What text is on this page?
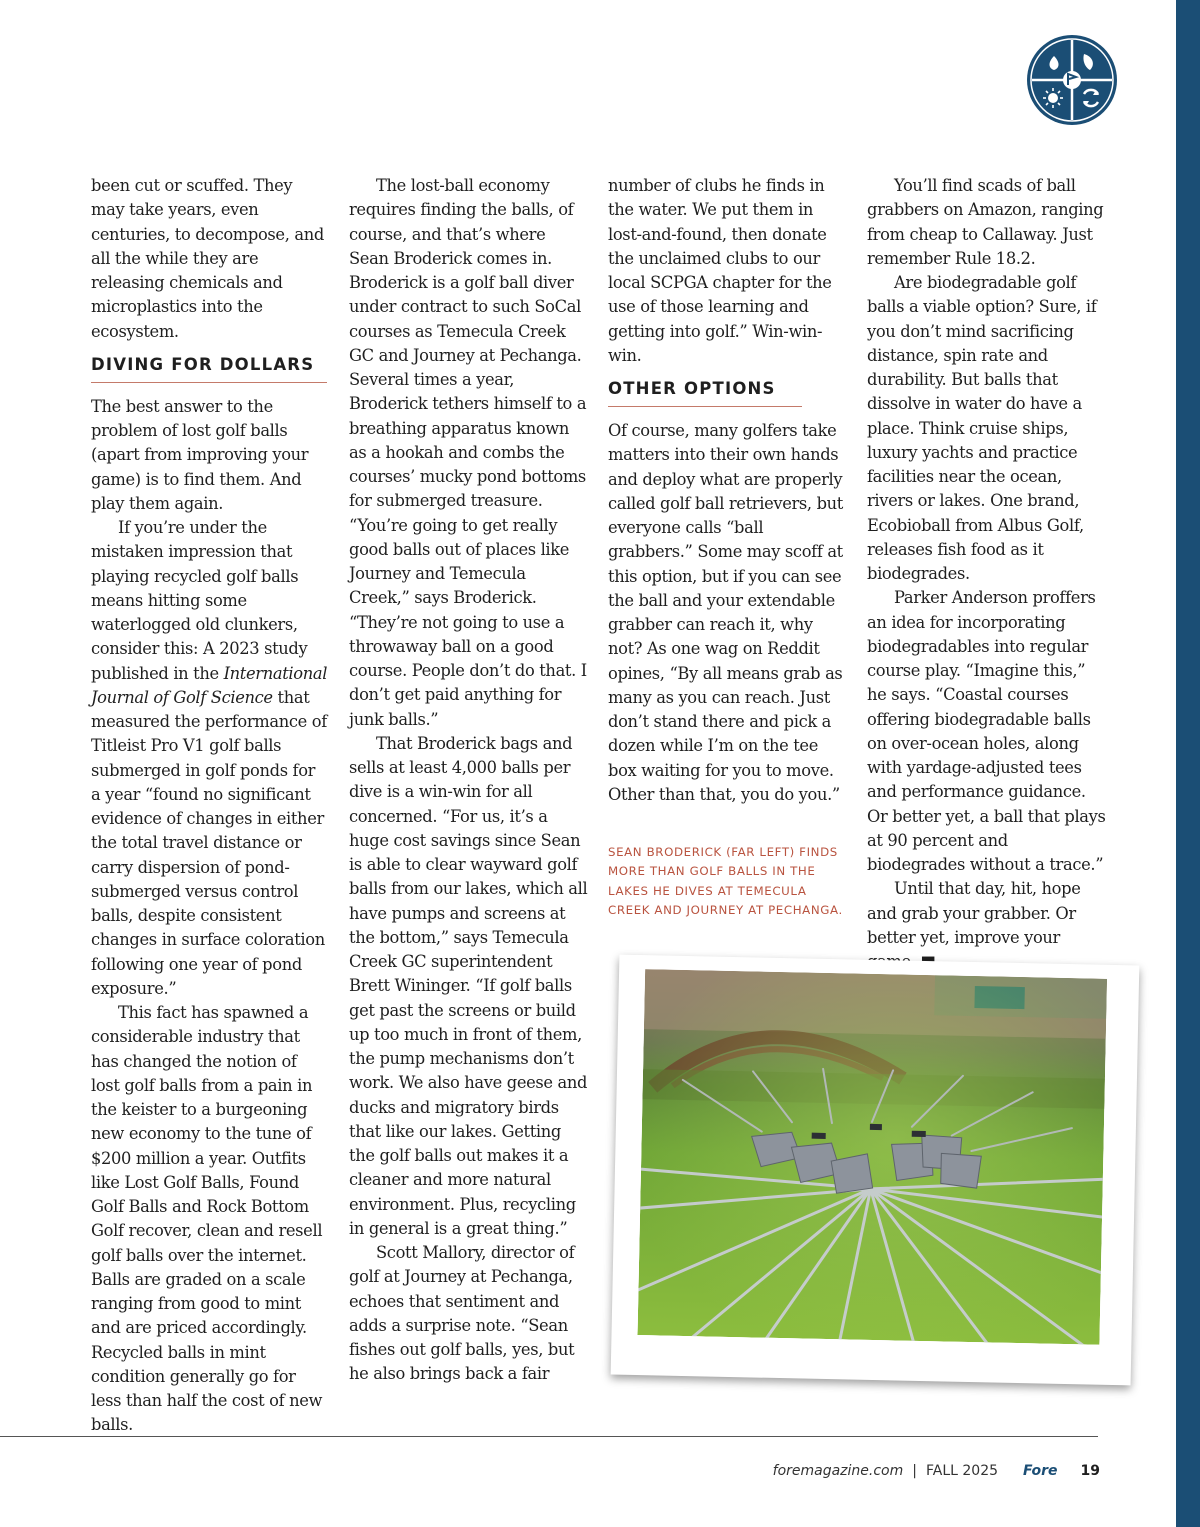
been cut or scuffed. They may take years, even centuries, to decompose, and all the while they are releasing chemicals and microplastics into the ecosystem.

DIVING FOR DOLLARS

The best answer to the problem of lost golf balls (apart from improving your game) is to find them. And play them again.

If you’re under the mistaken impression that playing recycled golf balls means hitting some waterlogged old clunkers, consider this: A 2023 study published in the International Journal of Golf Science that measured the performance of Titleist Pro V1 golf balls submerged in golf ponds for a year “found no significant evidence of changes in either the total travel distance or carry dispersion of pond-submerged versus control balls, despite consistent changes in surface coloration following one year of pond exposure.”

This fact has spawned a considerable industry that has changed the notion of lost golf balls from a pain in the keister to a burgeoning new economy to the tune of $200 million a year. Outfits like Lost Golf Balls, Found Golf Balls and Rock Bottom Golf recover, clean and resell golf balls over the internet. Balls are graded on a scale ranging from good to mint and are priced accordingly. Recycled balls in mint condition generally go for less than half the cost of new balls.

The lost-ball economy requires finding the balls, of course, and that’s where Sean Broderick comes in. Broderick is a golf ball diver under contract to such SoCal courses as Temecula Creek GC and Journey at Pechanga. Several times a year, Broderick tethers himself to a breathing apparatus known as a hookah and combs the courses’ mucky pond bottoms for submerged treasure. “You’re going to get really good balls out of places like Journey and Temecula Creek,” says Broderick. “They’re not going to use a throwaway ball on a good course. People don’t do that. I don’t get paid anything for junk balls.”

That Broderick bags and sells at least 4,000 balls per dive is a win-win for all concerned. “For us, it’s a huge cost savings since Sean is able to clear wayward golf balls from our lakes, which all have pumps and screens at the bottom,” says Temecula Creek GC superintendent Brett Wininger. “If golf balls get past the screens or build up too much in front of them, the pump mechanisms don’t work. We also have geese and ducks and migratory birds that like our lakes. Getting the golf balls out makes it a cleaner and more natural environment. Plus, recycling in general is a great thing.”

Scott Mallory, director of golf at Journey at Pechanga, echoes that sentiment and adds a surprise note. “Sean fishes out golf balls, yes, but he also brings back a fair

number of clubs he finds in the water. We put them in lost-and-found, then donate the unclaimed clubs to our local SCPGA chapter for the use of those learning and getting into golf.” Win-win-win.

OTHER OPTIONS

Of course, many golfers take matters into their own hands and deploy what are properly called golf ball retrievers, but everyone calls “ball grabbers.” Some may scoff at this option, but if you can see the ball and your extendable grabber can reach it, why not? As one wag on Reddit opines, “By all means grab as many as you can reach. Just don’t stand there and pick a dozen while I’m on the tee box waiting for you to move. Other than that, you do you.”

SEAN BRODERICK (FAR LEFT) FINDS MORE THAN GOLF BALLS IN THE LAKES HE DIVES AT TEMECULA CREEK AND JOURNEY AT PECHANGA.

You’ll find scads of ball grabbers on Amazon, ranging from cheap to Callaway. Just remember Rule 18.2.

Are biodegradable golf balls a viable option? Sure, if you don’t mind sacrificing distance, spin rate and durability. But balls that dissolve in water do have a place. Think cruise ships, luxury yachts and practice facilities near the ocean, rivers or lakes. One brand, Ecobioball from Albus Golf, releases fish food as it biodegrades.

Parker Anderson proffers an idea for incorporating biodegradables into regular course play. “Imagine this,” he says. “Coastal courses offering biodegradable balls on over-ocean holes, along with yardage-adjusted tees and performance guidance. Or better yet, a ball that plays at 90 percent and biodegrades without a trace.”

Until that day, hit, hope and grab your grabber. Or better yet, improve your

foremagazine.com | FALL 2025 Fore 19
